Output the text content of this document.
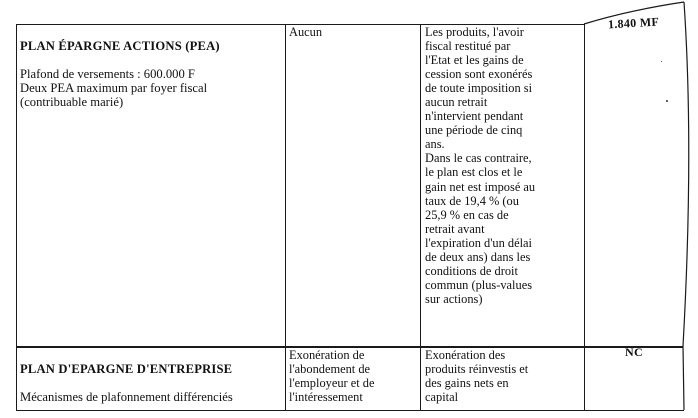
PLAN ÉPARGNE ACTIONS (PEA)

Plafond de versements : 600.000 F
Deux PEA maximum par foyer fiscal
(contribuable marié)

Aucun	Les produits, l'avoir
fiscal restitué par
l'Etat et les gains de
cession sont exonérés
de toute imposition si
aucun retrait
n'intervient pendant
une période de cinq
ans.
Dans le cas contraire,
le plan est clos et le
gain net est imposé au
taux de 19,4 % (ou
25,9 % en cas de
retrait avant
l'expiration d'un délai
de deux ans) dans les
conditions de droit
commun (plus-values
sur actions)
1.840 MF

PLAN D'EPARGNE D'ENTREPRISE

Mécanismes de plafonnement différenciés

Exonération de
l'abondement de
l'employeur et de
l'intéressement
Exonération des
produits réinvestis et
des gains nets en
capital
NC
